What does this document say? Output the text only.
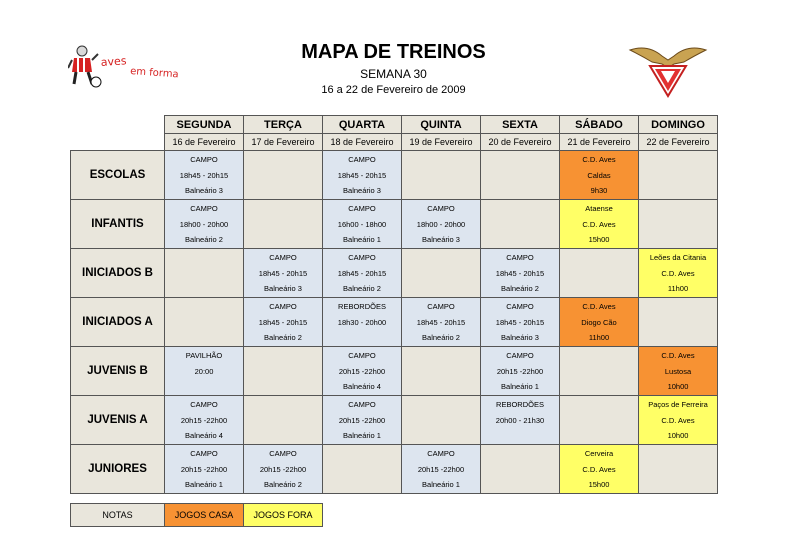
aves
em forma
MAPA DE TREINOS
SEMANA 30
16 a 22 de Fevereiro de 2009
SEGUNDA
16 de Fevereiro
TERÇA
17 de Fevereiro
QUARTA
18 de Fevereiro
QUINTA
19 de Fevereiro
SEXTA
20 de Fevereiro
SÁBADO
21 de Fevereiro
DOMINGO
22 de Fevereiro
ESCOLAS
CAMPO
18h45 - 20h15
Balneário 3
CAMPO
18h45 - 20h15
Balneário 3
C.D. Aves
Caldas
9h30
INFANTIS
CAMPO
18h00 - 20h00
Balneário 2
CAMPO
16h00 - 18h00
Balneário 1
CAMPO
18h00 - 20h00
Balneário 3
Ataense
C.D. Aves
15h00
INICIADOS B
CAMPO
18h45 - 20h15
Balneário 3
CAMPO
18h45 - 20h15
Balneário 2
CAMPO
18h45 - 20h15
Balneário 2
Leões da Citania
C.D. Aves
11h00
INICIADOS A
CAMPO
18h45 - 20h15
Balneário 2
REBORDÕES
18h30 - 20h00
CAMPO
18h45 - 20h15
Balneário 2
CAMPO
18h45 - 20h15
Balneário 3
C.D. Aves
Diogo Cão
11h00
JUVENIS B
PAVILHÃO
20:00
CAMPO
20h15 -22h00
Balneário 4
CAMPO
20h15 -22h00
Balneário 1
C.D. Aves
Lustosa
10h00
JUVENIS A
CAMPO
20h15 -22h00
Balneário 4
CAMPO
20h15 -22h00
Balneário 1
REBORDÕES
20h00 - 21h30
Paços de Ferreira
C.D. Aves
10h00
JUNIORES
CAMPO
20h15 -22h00
Balneário 1
CAMPO
20h15 -22h00
Balneário 2
CAMPO
20h15 -22h00
Balneário 1
Cerveira
C.D. Aves
15h00
NOTAS	JOGOS CASA	JOGOS FORA
